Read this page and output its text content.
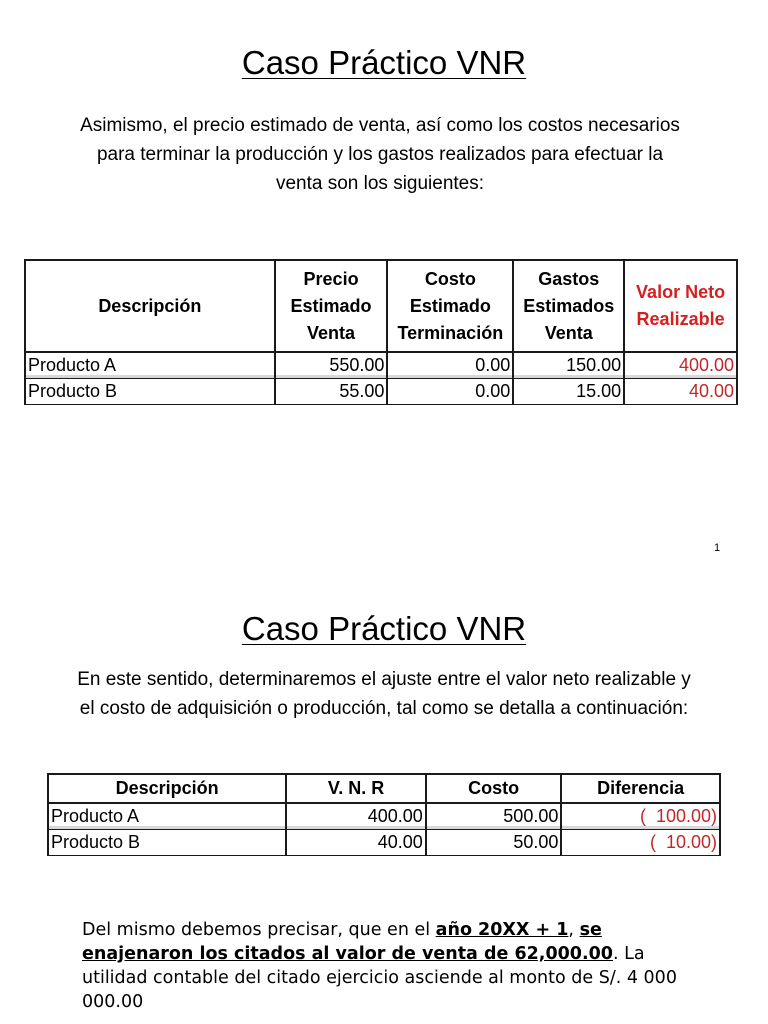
Caso Práctico VNR
Asimismo, el precio estimado de venta, así como los costos necesarios
para terminar la producción y los gastos realizados para efectuar la
venta son los siguientes:
Descripción	
Precio
Estimado
Venta

Costo
Estimado
Terminación

Gastos
Estimados
Venta

Valor Neto
Realizable

Producto A	550.00	0.00	150.00	400.00
Producto B	55.00	0.00	15.00	40.00
1
Caso Práctico VNR
En este sentido, determinaremos el ajuste entre el valor neto realizable y
el costo de adquisición o producción, tal como se detalla a continuación:
Descripción	V. N. R	Costo	Diferencia
Producto A	400.00	500.00	(  100.00)
Producto B	40.00	50.00	(  10.00)
Del mismo debemos precisar, que en el año 20XX + 1, se enajenaron los citados al valor de venta de 62,000.00. La utilidad contable del citado ejercicio asciende al monto de S/. 4 000 000.00
